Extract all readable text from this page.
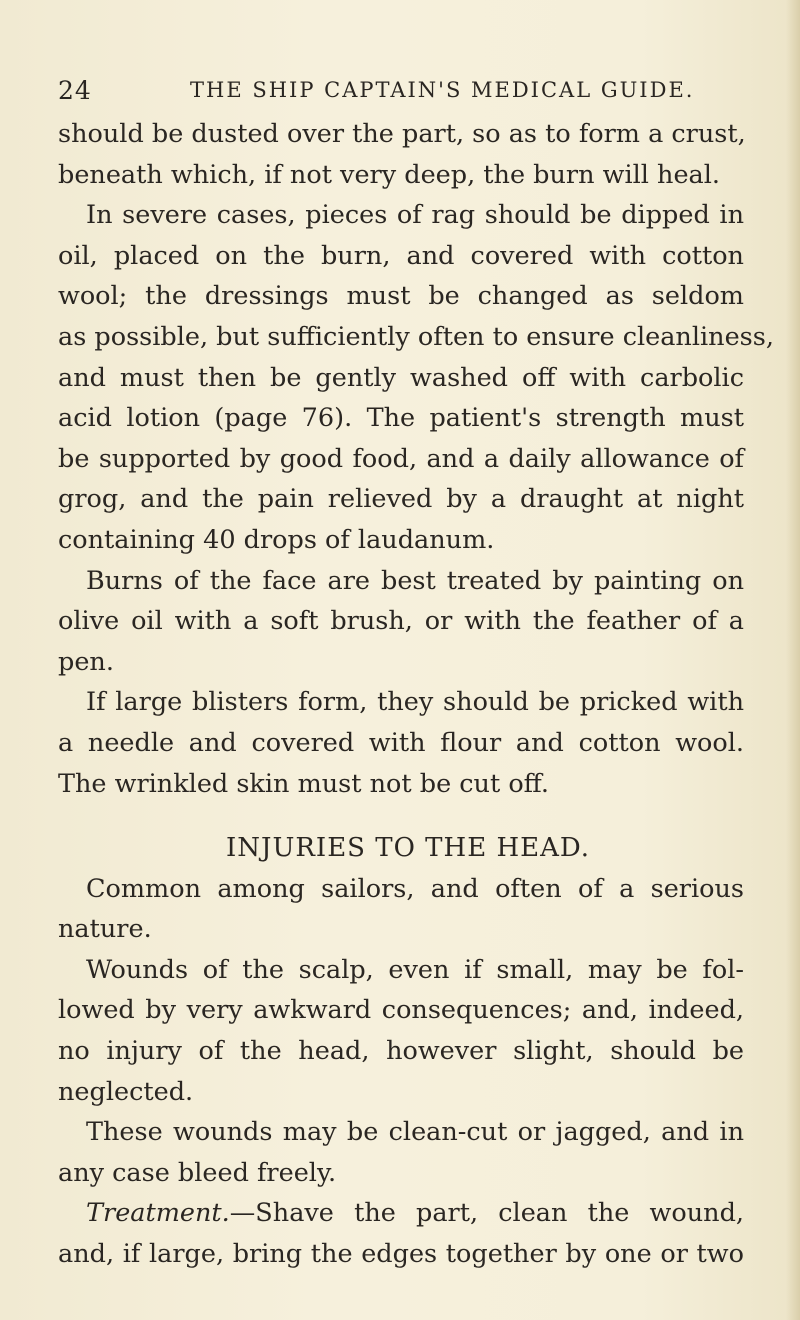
24	THE SHIP CAPTAIN'S MEDICAL GUIDE.
should be dusted over the part, so as to form a crust,
beneath which, if not very deep, the burn will heal.
In severe cases, pieces of rag should be dipped in
oil, placed on the burn, and covered with cotton
wool; the dressings must be changed as seldom
as possible, but sufficiently often to ensure cleanliness,
and must then be gently washed off with carbolic
acid lotion (page 76). The patient's strength must
be supported by good food, and a daily allowance of
grog, and the pain relieved by a draught at night
containing 40 drops of laudanum.
Burns of the face are best treated by painting on
olive oil with a soft brush, or with the feather of a
pen.
If large blisters form, they should be pricked with
a needle and covered with flour and cotton wool.
The wrinkled skin must not be cut off.
INJURIES TO THE HEAD.
Common among sailors, and often of a serious
nature.
Wounds of the scalp, even if small, may be fol-
lowed by very awkward consequences; and, indeed,
no injury of the head, however slight, should be
neglected.
These wounds may be clean-cut or jagged, and in
any case bleed freely.
Treatment.—Shave the part, clean the wound,
and, if large, bring the edges together by one or two
